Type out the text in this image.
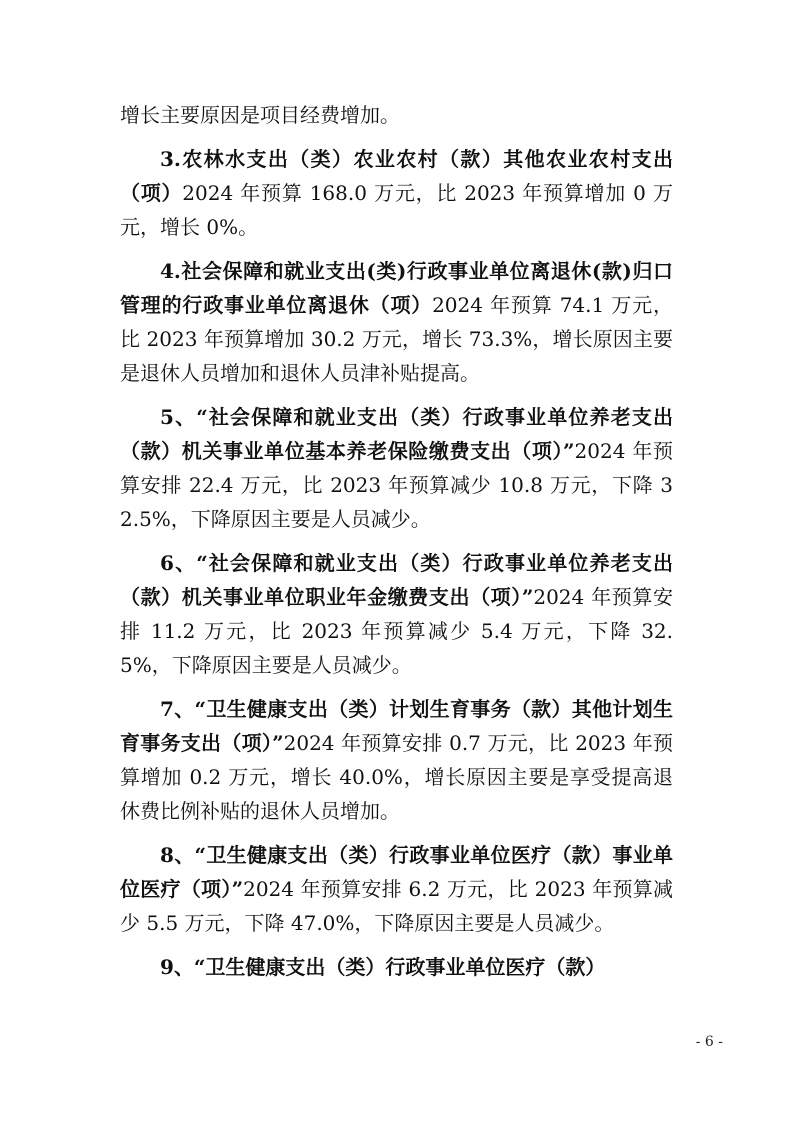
增长主要原因是项目经费增加。

3.农林水支出（类）农业农村（款）其他农业农村支出（项）2024 年预算 168.0 万元，比 2023 年预算增加 0 万元，增长 0%。

4.社会保障和就业支出(类)行政事业单位离退休(款)归口管理的行政事业单位离退休（项）2024 年预算 74.1 万元，比 2023 年预算增加 30.2 万元，增长 73.3%，增长原因主要是退休人员增加和退休人员津补贴提高。

5、“社会保障和就业支出（类）行政事业单位养老支出（款）机关事业单位基本养老保险缴费支出（项）”2024 年预算安排 22.4 万元，比 2023 年预算减少 10.8 万元，下降 32.5%，下降原因主要是人员减少。

6、“社会保障和就业支出（类）行政事业单位养老支出（款）机关事业单位职业年金缴费支出（项）”2024 年预算安排 11.2 万元，比 2023 年预算减少 5.4 万元，下降 32.5%，下降原因主要是人员减少。

7、“卫生健康支出（类）计划生育事务（款）其他计划生育事务支出（项）”2024 年预算安排 0.7 万元，比 2023 年预算增加 0.2 万元，增长 40.0%，增长原因主要是享受提高退休费比例补贴的退休人员增加。

8、“卫生健康支出（类）行政事业单位医疗（款）事业单位医疗（项）”2024 年预算安排 6.2 万元，比 2023 年预算减少 5.5 万元，下降 47.0%，下降原因主要是人员减少。

9、“卫生健康支出（类）行政事业单位医疗（款）

- 6 -
